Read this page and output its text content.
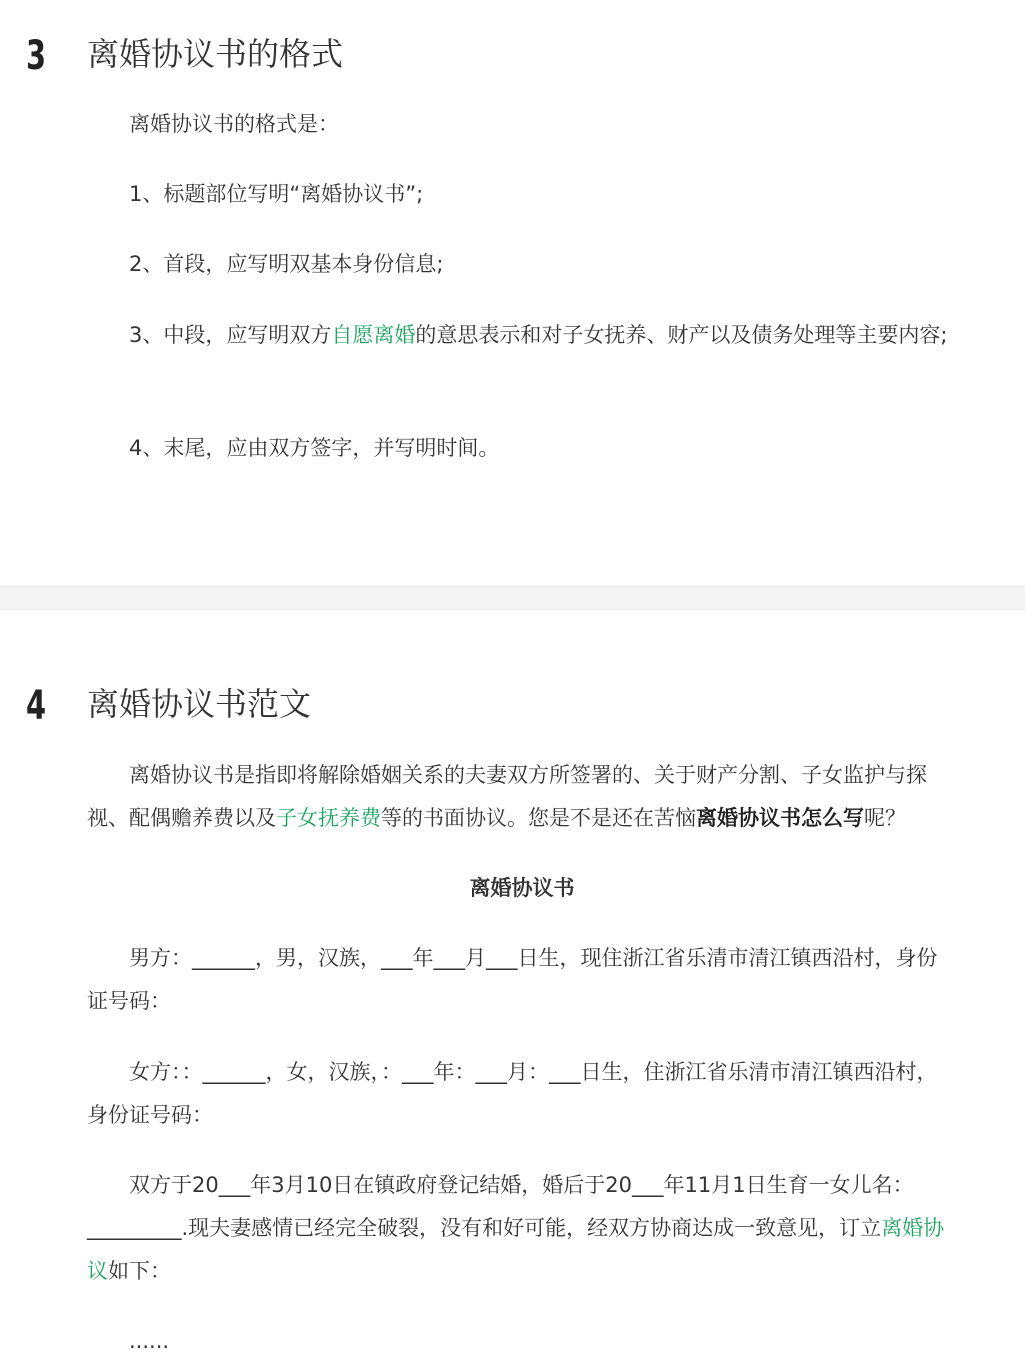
3 离婚协议书的格式

离婚协议书的格式是：

1、标题部位写明“离婚协议书”;

2、首段，应写明双基本身份信息;

3、中段，应写明双方自愿离婚的意思表示和对子女抚养、财产以及债务处理等主要内容;

4、末尾，应由双方签字，并写明时间。

4 离婚协议书范文

离婚协议书是指即将解除婚姻关系的夫妻双方所签署的、关于财产分割、子女监护与探视、配偶赡养费以及子女抚养费等的书面协议。您是不是还在苦恼离婚协议书怎么写呢？

离婚协议书

男方：______，男，汉族，___年___月___日生，现住浙江省乐清市清江镇西沿村，身份证号码：

女方：：______，女，汉族，：___年：___月：___日生，住浙江省乐清市清江镇西沿村，身份证号码：

双方于20___年3月10日在镇政府登记结婚，婚后于20___年11月1日生育一女儿名：_________.现夫妻感情已经完全破裂，没有和好可能，经双方协商达成一致意见，订立离婚协议如下：

......
